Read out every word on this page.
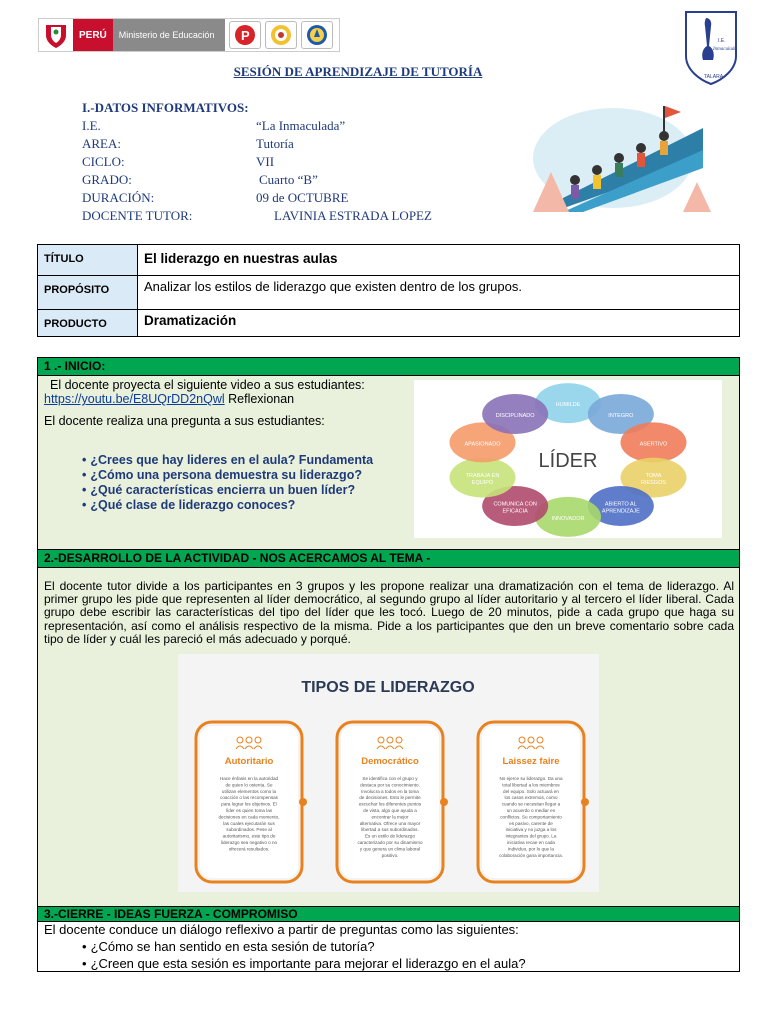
PERÚ	Ministerio de Educación	P	I.E.
Inmaculada
TALARA
SESIÓN DE APRENDIZAJE DE TUTORÍA
I.-DATOS INFORMATIVOS:
I.E.	“La Inmaculada”
AREA:	Tutoría
CICLO:	VII
GRADO:	Cuarto “B”
DURACIÓN:	09 de OCTUBRE
DOCENTE TUTOR:	LAVINIA ESTRADA LOPEZ
TÍTULO	El liderazgo en nuestras aulas
PROPÓSITO	Analizar los estilos de liderazgo que existen dentro de los grupos.
PRODUCTO	Dramatización
1 .- INICIO:
El docente proyecta el siguiente video a sus estudiantes:
https://youtu.be/E8UQrDD2nQwl Reflexionan
El docente realiza una pregunta a sus estudiantes:
• ¿Crees que hay lideres en el aula? Fundamenta
• ¿Cómo una persona demuestra su liderazgo?
• ¿Qué características encierra un buen líder?
• ¿Qué clase de liderazgo conoces?
HUMILDE
INTEGRO
ASERTIVO
TOMA
RIESGOS
ABIERTO AL
APRENDIZAJE
INNOVADOR
COMUNICA CON
EFICACIA
TRABAJA EN
EQUIPO
APASIONADO
DISCIPLINADO
LÍDER
2.-DESARROLLO DE LA ACTIVIDAD - NOS ACERCAMOS AL TEMA -
El docente tutor divide a los participantes en 3 grupos y les propone realizar una dramatización con el tema de liderazgo. Al primer grupo les pide que representen al líder democrático, al segundo grupo al líder autoritario y al tercero el líder liberal. Cada grupo debe escribir las características del tipo del líder que les tocó. Luego de 20 minutos, pide a cada grupo que haga su representación, así como el análisis respectivo de la misma. Pide a los participantes que den un breve comentario sobre cada tipo de líder y cuál les pareció el más adecuado y porqué.
TIPOS DE LIDERAZGO
Autoritario
Hace énfasis en la autoridad de quien lo ostenta. Se utilizan elementos como la coacción o las recompensas para lograr los objetivos. El líder es quien toma las decisiones en cada momento, las cuales ejecutarán sus subordinados. Pese al autoritarismo, este tipo de liderazgo sea negativo o no ofrecerá resultados.
Democrático
Se identifica con el grupo y destaca por su conocimiento. Involucra a todos en la toma de decisiones. Esto le permite escuchar los diferentes puntos de vista, algo que ayuda a encontrar la mejor alternativa. Ofrece una mayor libertad a sus subordinados. Es un estilo de liderazgo caracterizado por su dinamismo y que genera un clima laboral positivo.
Laissez faire
No ejerce su liderazgo. Da una total libertad a los miembros del equipo. Solo actuará en los casos extremos, como cuando se necesitan llegar a un acuerdo o mediar en conflictos. Su comportamiento es pasivo, carente de iniciativa y no juzga a los integrantes del grupo. La iniciativa recae en cada individuo, por lo que la colaboración gana importancia.
3.-CIERRE - IDEAS FUERZA - COMPROMISO
El docente conduce un diálogo reflexivo a partir de preguntas como las siguientes:
• ¿Cómo se han sentido en esta sesión de tutoría?
• ¿Creen que esta sesión es importante para mejorar el liderazgo en el aula?
